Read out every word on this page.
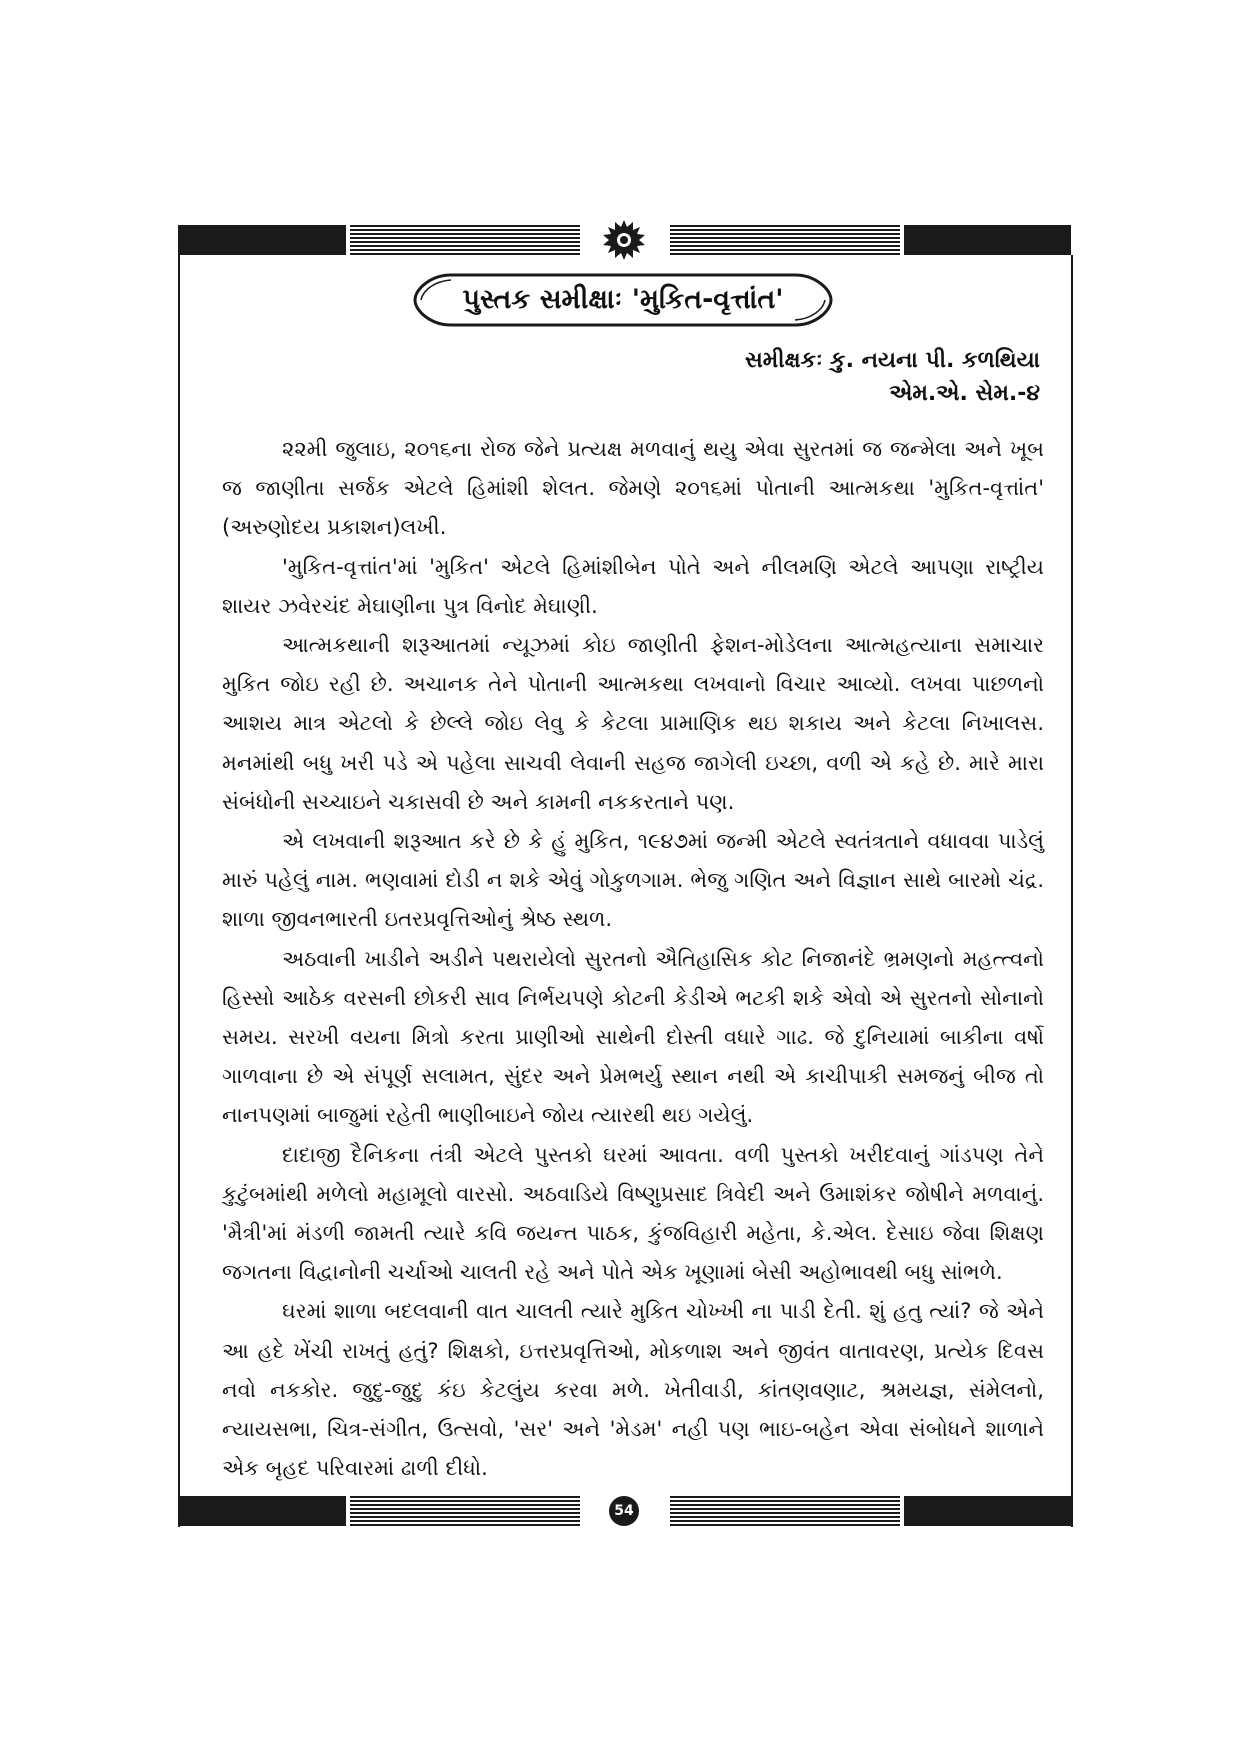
પુસ્તક સમીક્ષાઃ 'મુકિત-વૃત્તાંત'
સમીક્ષકઃ કુ. નયના પી. કળથિયા
એમ.એ. સેમ.-૪

૨૨મી જુલાઇ, ૨૦૧૬ના રોજ જેને પ્રત્યક્ષ મળવાનું થયુ એવા સુરતમાં જ જન્મેલા અને ખૂબ જ જાણીતા સર્જક એટલે હિમાંશી શેલત. જેમણે ૨૦૧૬માં પોતાની આત્મકથા 'મુકિત-વૃત્તાંત' (અરુણોદય પ્રકાશન)લખી.

'મુકિત-વૃત્તાંત'માં 'મુકિત' એટલે હિમાંશીબેન પોતે અને નીલમણિ એટલે આપણા રાષ્ટ્રીય શાયર ઝવેરચંદ મેઘાણીના પુત્ર વિનોદ મેઘાણી.

આત્મકથાની શરૂઆતમાં ન્યૂઝમાં કોઇ જાણીતી ફેશન-મોડેલના આત્મહત્યાના સમાચાર મુકિત જોઇ રહી છે. અચાનક તેને પોતાની આત્મકથા લખવાનો વિચાર આવ્યો. લખવા પાછળનો આશય માત્ર એટલો કે છેલ્લે જોઇ લેવુ કે કેટલા પ્રામાણિક થઇ શકાય અને કેટલા નિખાલસ. મનમાંથી બધુ ખરી પડે એ પહેલા સાચવી લેવાની સહજ જાગેલી ઇચ્છા, વળી એ કહે છે. મારે મારા સંબંધોની સચ્ચાઇને ચકાસવી છે અને કામની નકકરતાને પણ.

એ લખવાની શરૂઆત કરે છે કે હું મુકિત, ૧૯૪૭માં જન્મી એટલે સ્વતંત્રતાને વધાવવા પાડેલું મારું પહેલું નામ. ભણવામાં દોડી ન શકે એવું ગોકુળગામ. ભેજુ ગણિત અને વિજ્ઞાન સાથે બારમો ચંદ્ર. શાળા જીવનભારતી ઇતરપ્રવૃત્તિઓનું શ્રેષ્ઠ સ્થળ.

અઠવાની ખાડીને અડીને પથરાયેલો સુરતનો ઐતિહાસિક કોટ નિજાનંદે ભ્રમણનો મહત્ત્વનો હિસ્સો આઠેક વરસની છોકરી સાવ નિર્ભયપણે કોટની કેડીએ ભટકી શકે એવો એ સુરતનો સોનાનો સમય. સરખી વયના મિત્રો કરતા પ્રાણીઓ સાથેની દોસ્તી વધારે ગાઢ. જે દુનિયામાં બાકીના વર્ષો ગાળવાના છે એ સંપૂર્ણ સલામત, સુંદર અને પ્રેમભર્યુ સ્થાન નથી એ કાચીપાકી સમજનું બીજ તો નાનપણમાં બાજુમાં રહેતી ભાણીબાઇને જોય ત્યારથી થઇ ગયેલું.

દાદાજી દૈનિકના તંત્રી એટલે પુસ્તકો ઘરમાં આવતા. વળી પુસ્તકો ખરીદવાનું ગાંડપણ તેને કુટુંબમાંથી મળેલો મહામૂલો વારસો. અઠવાડિયે વિષ્ણુપ્રસાદ ત્રિવેદી અને ઉમાશંકર જોષીને મળવાનું. 'મૈત્રી'માં મંડળી જામતી ત્યારે કવિ જયન્ત પાઠક, કુંજવિહારી મહેતા, કે.એલ. દેસાઇ જેવા શિક્ષણ જગતના વિદ્વાનોની ચર્ચાઓ ચાલતી રહે અને પોતે એક ખૂણામાં બેસી અહોભાવથી બધુ સાંભળે.

ઘરમાં શાળા બદલવાની વાત ચાલતી ત્યારે મુકિત ચોખ્ખી ના પાડી દેતી. શું હતુ ત્યાં? જે એને આ હદે ખેંચી રાખતું હતું? શિક્ષકો, ઇત્તરપ્રવૃત્તિઓ, મોકળાશ અને જીવંત વાતાવરણ, પ્રત્યેક દિવસ નવો નકકોર. જુદુ-જુદુ કંઇ કેટલુંય કરવા મળે. ખેતીવાડી, કાંતણવણાટ, શ્રમયજ્ઞ, સંમેલનો, ન્યાયસભા, ચિત્ર-સંગીત, ઉત્સવો, 'સર' અને 'મેડમ' નહી પણ ભાઇ-બહેન એવા સંબોધને શાળાને એક બૃહદ પરિવારમાં ઢાળી દીધો.

54
